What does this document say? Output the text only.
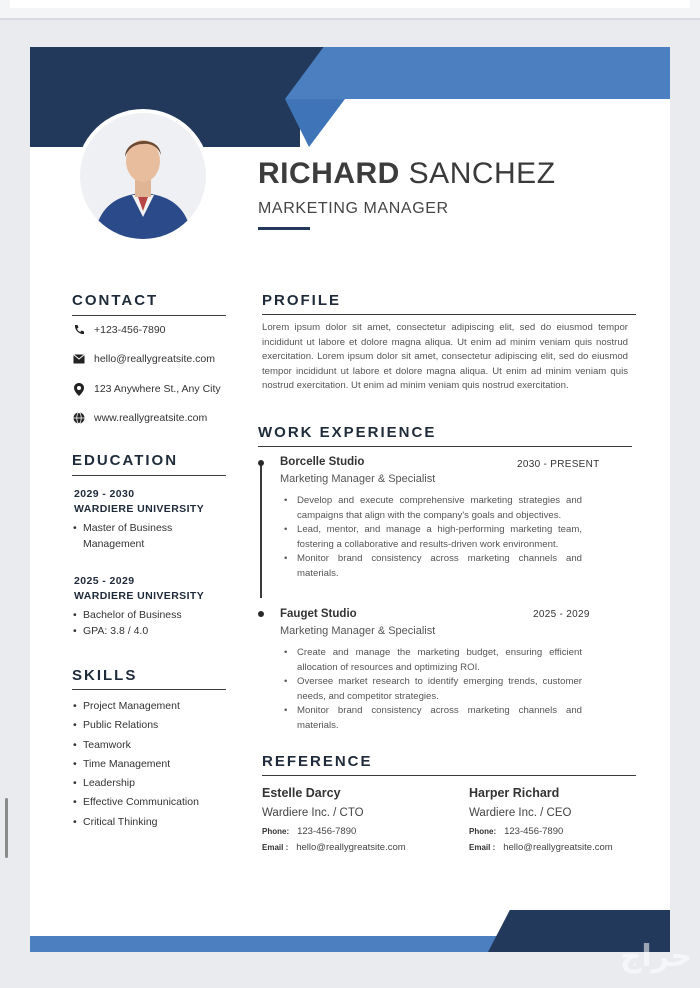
RICHARD SANCHEZ
MARKETING MANAGER
CONTACT
+123-456-7890
hello@reallygreatsite.com
123 Anywhere St., Any City
www.reallygreatsite.com
EDUCATION
2029 - 2030
WARDIERE UNIVERSITY
• Master of Business
Management
2025 - 2029
WARDIERE UNIVERSITY
• Bachelor of Business
• GPA: 3.8 / 4.0
SKILLS
• Project Management
• Public Relations
• Teamwork
• Time Management
• Leadership
• Effective Communication
• Critical Thinking
PROFILE
Lorem ipsum dolor sit amet, consectetur adipiscing elit, sed do eiusmod tempor incididunt ut labore et dolore magna aliqua. Ut enim ad minim veniam quis nostrud exercitation. Lorem ipsum dolor sit amet, consectetur adipiscing elit, sed do eiusmod tempor incididunt ut labore et dolore magna aliqua. Ut enim ad minim veniam quis nostrud exercitation. Ut enim ad minim veniam quis nostrud exercitation.
WORK EXPERIENCE
Borcelle Studio	2030 - PRESENT
Marketing Manager & Specialist
• Develop and execute comprehensive marketing strategies and campaigns that align with the company's goals and objectives.
• Lead, mentor, and manage a high-performing marketing team, fostering a collaborative and results-driven work environment.
• Monitor brand consistency across marketing channels and materials.
Fauget Studio	2025 - 2029
Marketing Manager & Specialist
• Create and manage the marketing budget, ensuring efficient allocation of resources and optimizing ROI.
• Oversee market research to identify emerging trends, customer needs, and competitor strategies.
• Monitor brand consistency across marketing channels and materials.
REFERENCE
Estelle Darcy
Wardiere Inc. / CTO
Phone: 123-456-7890
Email : hello@reallygreatsite.com
Harper Richard
Wardiere Inc. / CEO
Phone: 123-456-7890
Email : hello@reallygreatsite.com
حراج
